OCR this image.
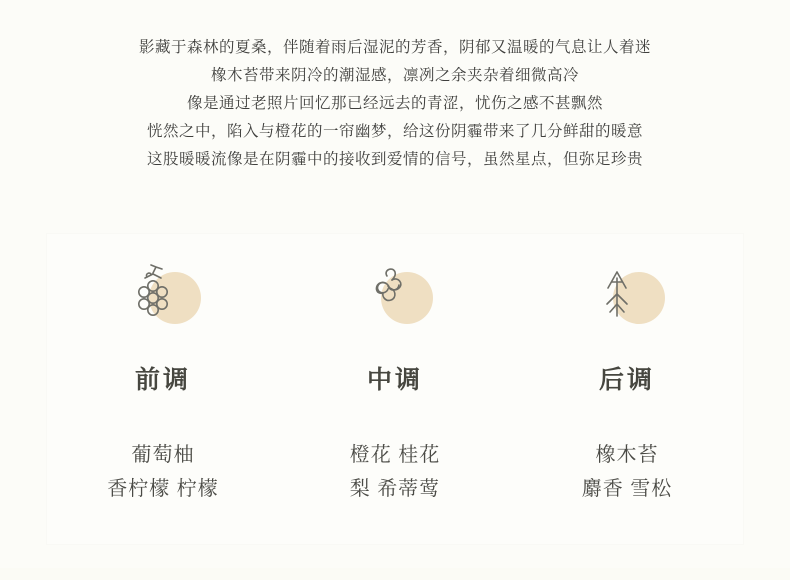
影藏于森林的夏桑，伴随着雨后湿泥的芳香，阴郁又温暖的气息让人着迷
橡木苔带来阴冷的潮湿感，凛冽之余夹杂着细微高冷
像是通过老照片回忆那已经远去的青涩，忧伤之感不甚飘然
恍然之中，陷入与橙花的一帘幽梦，给这份阴霾带来了几分鲜甜的暖意
这股暖暖流像是在阴霾中的接收到爱情的信号，虽然星点，但弥足珍贵
前调
葡萄柚
香柠檬 柠檬
中调
橙花 桂花
梨 希蒂莺
后调
橡木苔
麝香 雪松
